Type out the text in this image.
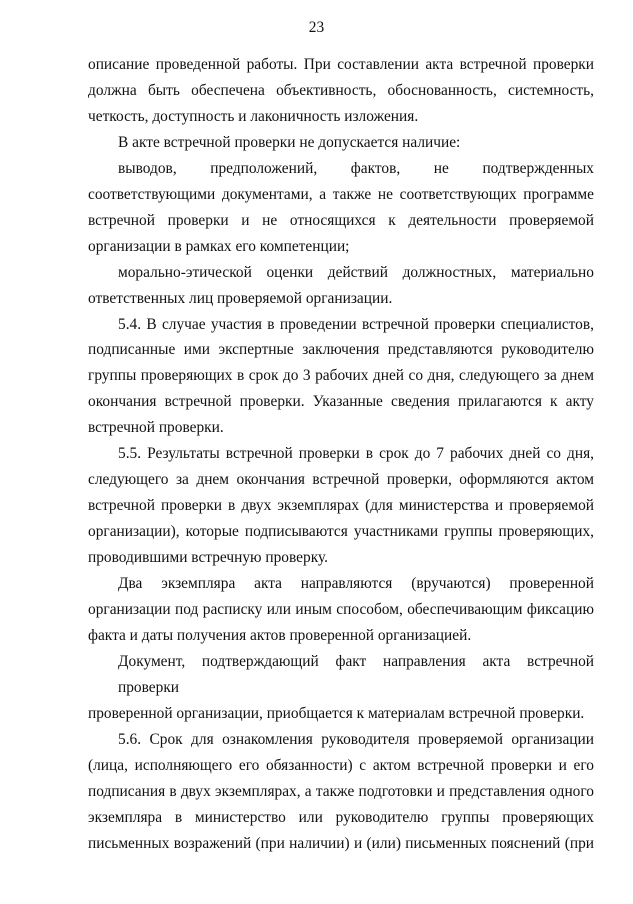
23

описание проведенной работы. При составлении акта встречной проверки

должна быть обеспечена объективность, обоснованность, системность,

четкость, доступность и лаконичность изложения.

В акте встречной проверки не допускается наличие:

выводов, предположений, фактов, не подтвержденных

соответствующими документами, а также не соответствующих программе

встречной проверки и не относящихся к деятельности проверяемой

организации в рамках его компетенции;

морально-этической оценки действий должностных, материально

ответственных лиц проверяемой организации.

5.4. В случае участия в проведении встречной проверки специалистов,

подписанные ими экспертные заключения представляются руководителю

группы проверяющих в срок до 3 рабочих дней со дня, следующего за днем

окончания встречной проверки. Указанные сведения прилагаются к акту

встречной проверки.

5.5. Результаты встречной проверки в срок до 7 рабочих дней со дня,

следующего за днем окончания встречной проверки, оформляются актом

встречной проверки в двух экземплярах (для министерства и проверяемой

организации), которые подписываются участниками группы проверяющих,

проводившими встречную проверку.

Два экземпляра акта направляются (вручаются) проверенной

организации под расписку или иным способом, обеспечивающим фиксацию

факта и даты получения актов проверенной организацией.

Документ, подтверждающий факт направления акта встречной проверки

проверенной организации, приобщается к материалам встречной проверки.

5.6. Срок для ознакомления руководителя проверяемой организации

(лица, исполняющего его обязанности) с актом встречной проверки и его

подписания в двух экземплярах, а также подготовки и представления одного

экземпляра в министерство или руководителю группы проверяющих

письменных возражений (при наличии) и (или) письменных пояснений (при
